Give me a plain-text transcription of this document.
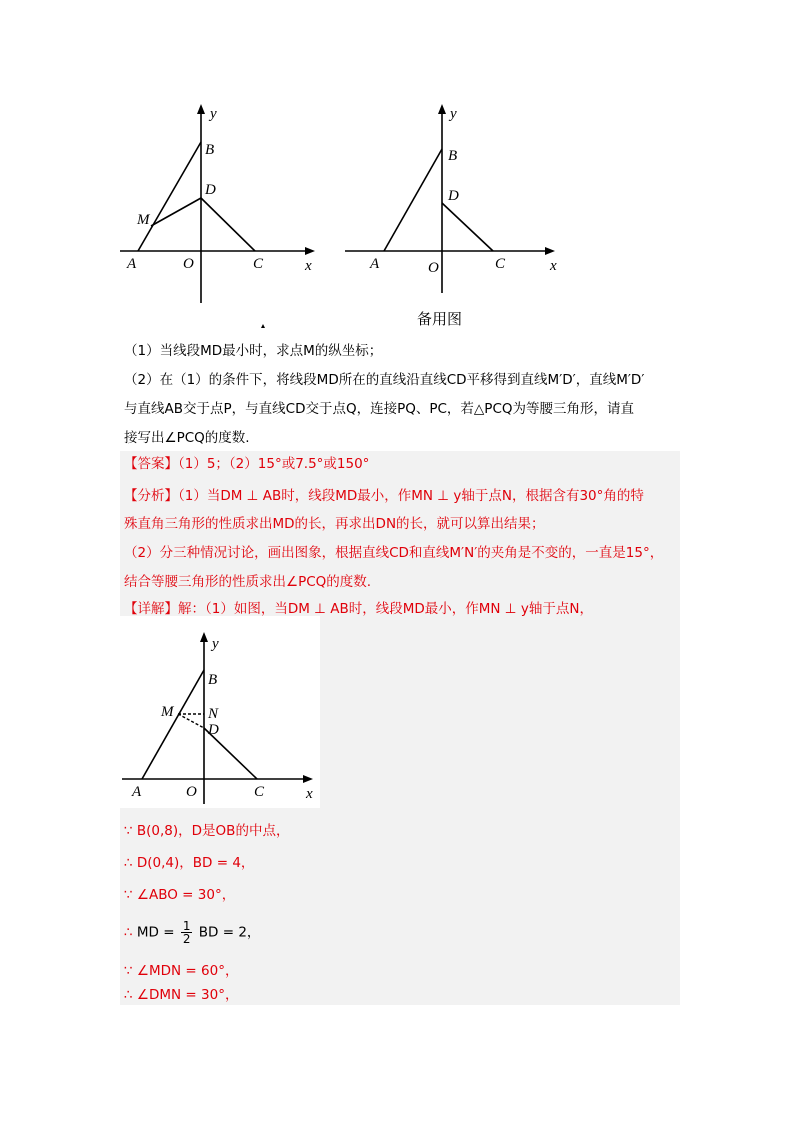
y
x
B
D
M
A	O	C
y
x
B
D
A	O	C
备用图
（1）当线段MD最小时，求点M的纵坐标；
（2）在（1）的条件下，将线段MD所在的直线沿直线CD平移得到直线M′D′，直线M′D′
与直线AB交于点P，与直线CD交于点Q，连接PQ、PC，若△PCQ为等腰三角形，请直
接写出∠PCQ的度数.
【答案】（1）5；（2）15°或7.5°或150°
【分析】（1）当DM ⊥ AB时，线段MD最小，作MN ⊥ y轴于点N，根据含有30°角的特
殊直角三角形的性质求出MD的长，再求出DN的长，就可以算出结果；
（2）分三种情况讨论，画出图象，根据直线CD和直线M′N′的夹角是不变的，一直是15°，
结合等腰三角形的性质求出∠PCQ的度数.
【详解】解：（1）如图，当DM ⊥ AB时，线段MD最小，作MN ⊥ y轴于点N，
y
x
B
M N
D
A	O	C
∵ B(0,8)，D是OB的中点，
∴ D(0,4)，BD = 4，
∵ ∠ABO = 30°，
∴ MD = $\frac{1}{2}$ BD = 2，
∵ ∠MDN = 60°，
∴ ∠DMN = 30°，
